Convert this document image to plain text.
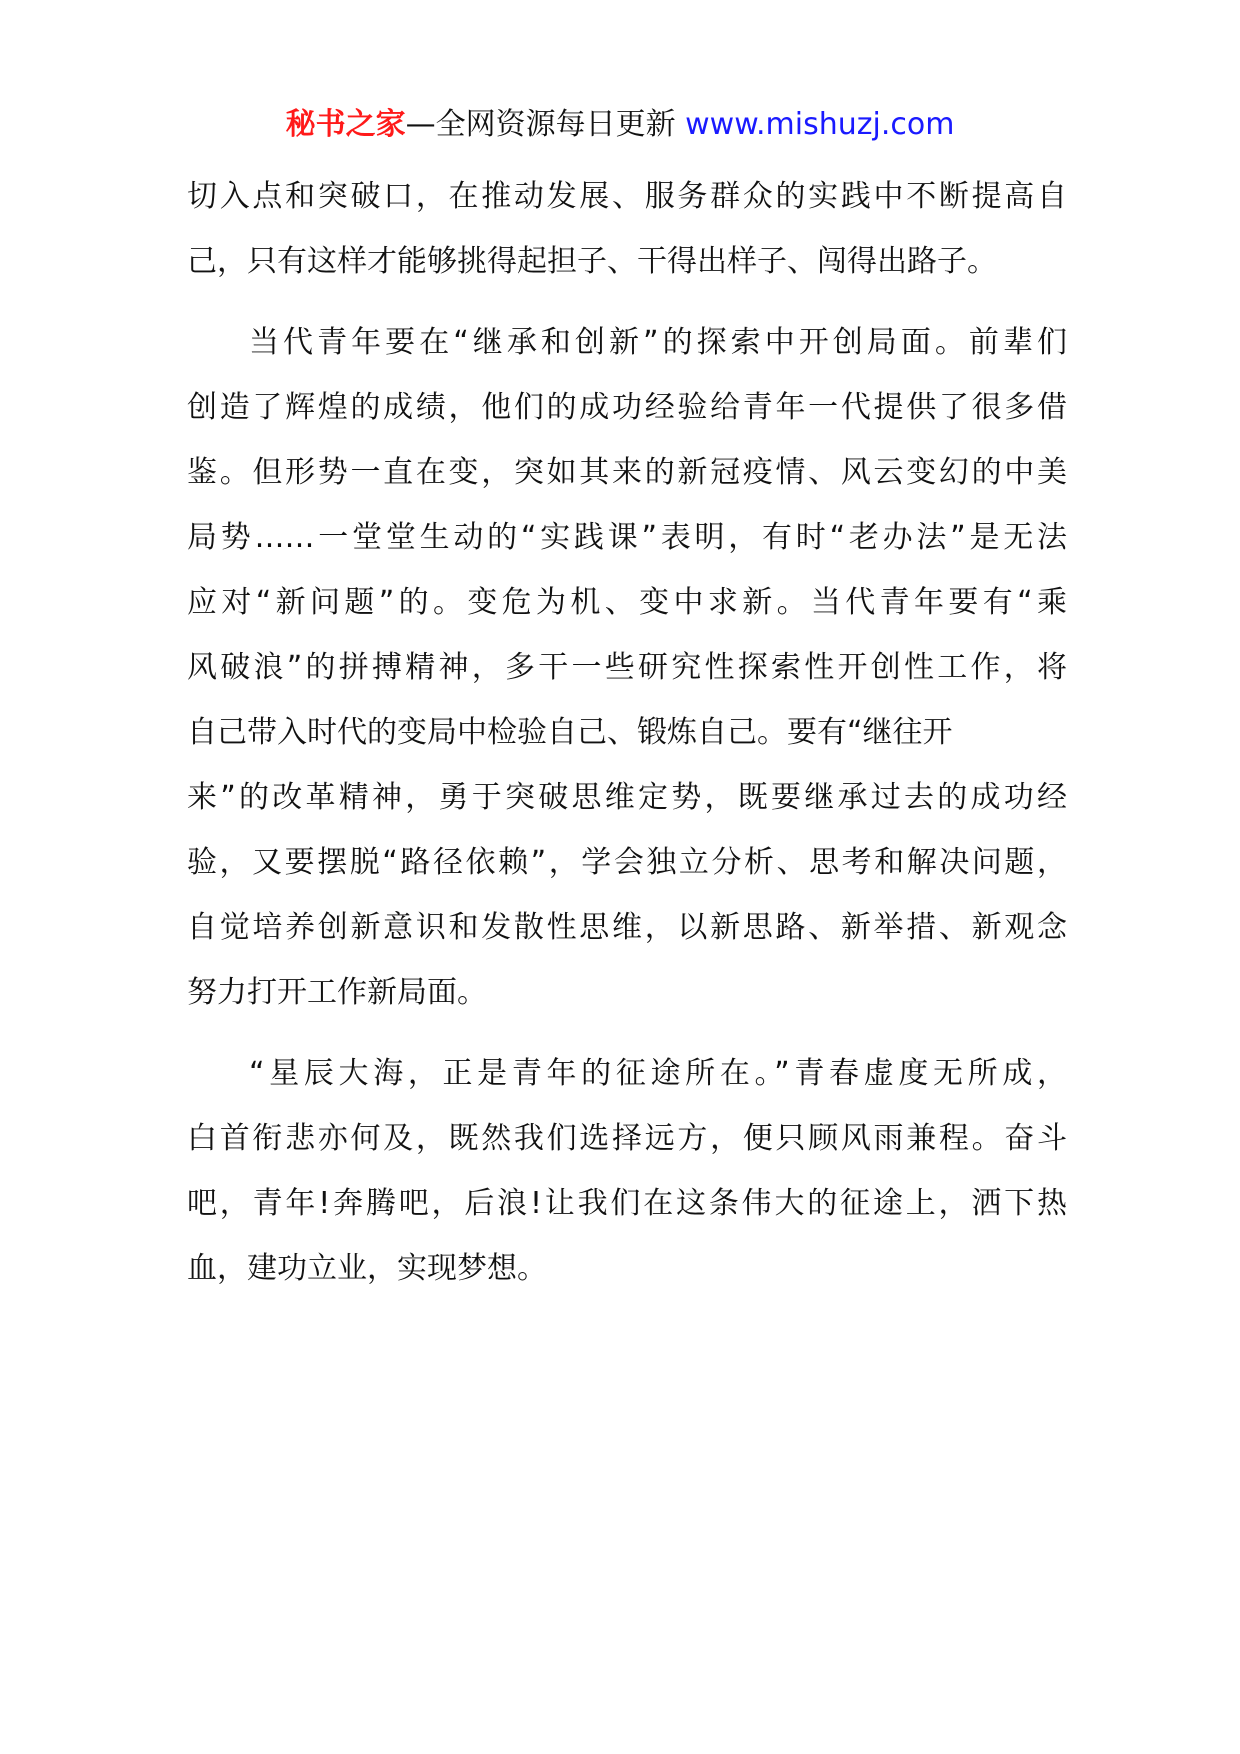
秘书之家—全网资源每日更新 www.mishuzj.com
切入点和突破口，在推动发展、服务群众的实践中不断提高自
己，只有这样才能够挑得起担子、干得出样子、闯得出路子。
当代青年要在“继承和创新”的探索中开创局面。前辈们
创造了辉煌的成绩，他们的成功经验给青年一代提供了很多借
鉴。但形势一直在变，突如其来的新冠疫情、风云变幻的中美
局势……一堂堂生动的“实践课”表明，有时“老办法”是无法
应对“新问题”的。变危为机、变中求新。当代青年要有“乘
风破浪”的拼搏精神，多干一些研究性探索性开创性工作，将
自己带入时代的变局中检验自己、锻炼自己。要有“继往开
来”的改革精神，勇于突破思维定势，既要继承过去的成功经
验，又要摆脱“路径依赖”，学会独立分析、思考和解决问题，
自觉培养创新意识和发散性思维，以新思路、新举措、新观念
努力打开工作新局面。
“星辰大海，正是青年的征途所在。”青春虚度无所成，
白首衔悲亦何及，既然我们选择远方，便只顾风雨兼程。奋斗
吧，青年!奔腾吧，后浪!让我们在这条伟大的征途上，洒下热
血，建功立业，实现梦想。
